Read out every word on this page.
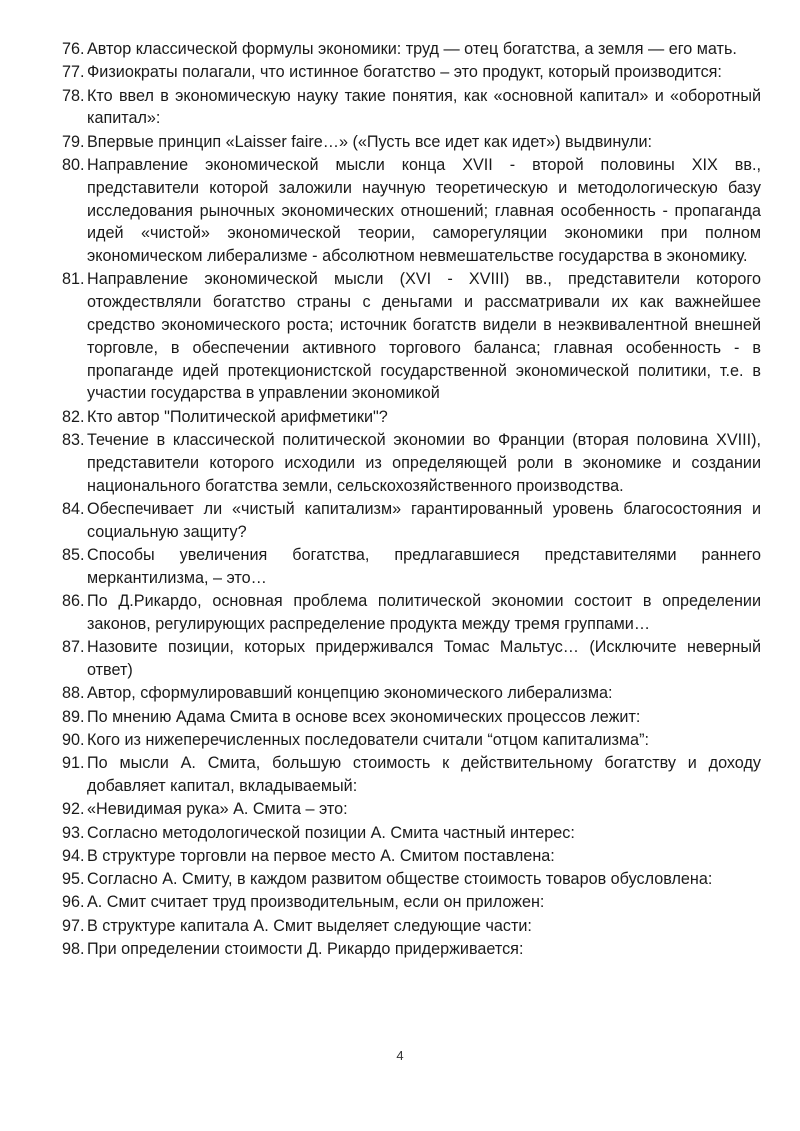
76. Автор классической формулы экономики: труд — отец богатства, а земля — его мать.
77. Физиократы полагали, что истинное богатство – это продукт, который производится:
78. Кто ввел в экономическую науку такие понятия, как «основной капитал» и «оборотный капитал»:
79. Впервые принцип «Laisser faire…» («Пусть все идет как идет») выдвинули:
80. Направление экономической мысли конца XVII - второй половины XIX вв., представители которой заложили научную теоретическую и методологическую базу исследования рыночных экономических отношений; главная особенность - пропаганда идей «чистой» экономической теории, саморегуляции экономики при полном экономическом либерализме - абсолютном невмешательстве государства в экономику.
81. Направление экономической мысли (XVI - XVIII) вв., представители которого отождествляли богатство страны с деньгами и рассматривали их как важнейшее средство экономического роста; источник богатств видели в неэквивалентной внешней торговле, в обеспечении активного торгового баланса; главная особенность - в пропаганде идей протекционистской государственной экономической политики, т.е. в участии государства в управлении экономикой
82. Кто автор "Политической арифметики"?
83. Течение в классической политической экономии во Франции (вторая половина XVIII), представители которого исходили из определяющей роли в экономике и создании национального богатства земли, сельскохозяйственного производства.
84. Обеспечивает ли «чистый капитализм» гарантированный уровень благосостояния и социальную защиту?
85. Способы увеличения богатства, предлагавшиеся представителями раннего меркантилизма, – это…
86. По Д.Рикардо, основная проблема политической экономии состоит в определении законов, регулирующих распределение продукта между тремя группами…
87. Назовите позиции, которых придерживался Томас Мальтус… (Исключите неверный ответ)
88. Автор, сформулировавший концепцию экономического либерализма:
89. По мнению Адама Смита в основе всех экономических процессов лежит:
90. Кого из нижеперечисленных последователи считали “отцом капитализма”:
91. По мысли А. Смита, большую стоимость к действительному богатству и доходу добавляет капитал, вкладываемый:
92. «Невидимая рука» А. Смита – это:
93. Согласно методологической позиции А. Смита частный интерес:
94. В структуре торговли на первое место А. Смитом поставлена:
95. Согласно А. Смиту, в каждом развитом обществе стоимость товаров обусловлена:
96. А. Смит считает труд производительным, если он приложен:
97. В структуре капитала А. Смит выделяет следующие части:
98. При определении стоимости Д. Рикардо придерживается:
4
